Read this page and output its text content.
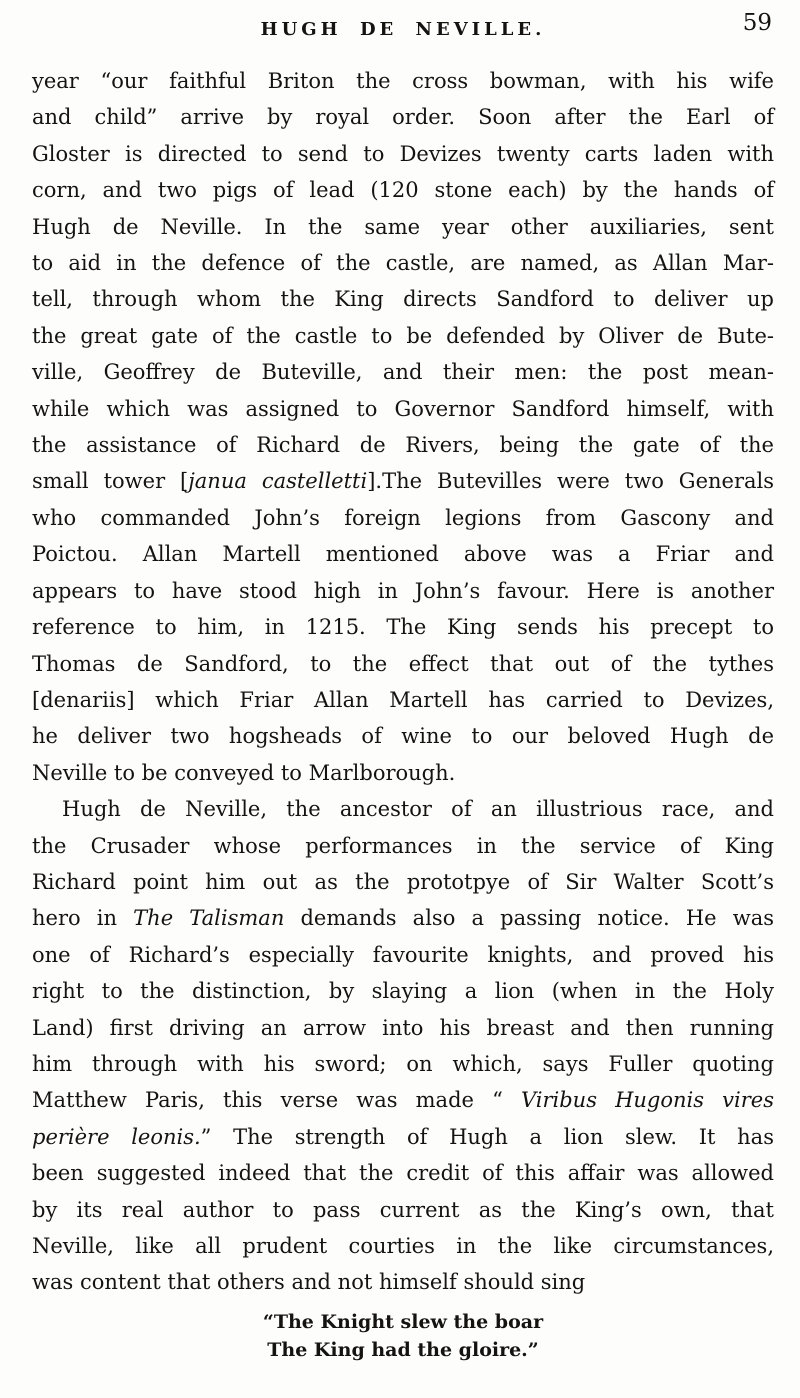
HUGH DE NEVILLE.	59
year “our faithful Briton the cross bowman, with his wife
and child” arrive by royal order. Soon after the Earl of
Gloster is directed to send to Devizes twenty carts laden with
corn, and two pigs of lead (120 stone each) by the hands of
Hugh de Neville. In the same year other auxiliaries, sent
to aid in the defence of the castle, are named, as Allan Mar-
tell, through whom the King directs Sandford to deliver up
the great gate of the castle to be defended by Oliver de Bute-
ville, Geoffrey de Buteville, and their men: the post mean-
while which was assigned to Governor Sandford himself, with
the assistance of Richard de Rivers, being the gate of the
small tower [janua castelletti].The Butevilles were two Generals
who commanded John’s foreign legions from Gascony and
Poictou. Allan Martell mentioned above was a Friar and
appears to have stood high in John’s favour. Here is another
reference to him, in 1215. The King sends his precept to
Thomas de Sandford, to the effect that out of the tythes
[denariis] which Friar Allan Martell has carried to Devizes,
he deliver two hogsheads of wine to our beloved Hugh de
Neville to be conveyed to Marlborough.
Hugh de Neville, the ancestor of an illustrious race, and
the Crusader whose performances in the service of King
Richard point him out as the prototpye of Sir Walter Scott’s
hero in The Talisman demands also a passing notice. He was
one of Richard’s especially favourite knights, and proved his
right to the distinction, by slaying a lion (when in the Holy
Land) first driving an arrow into his breast and then running
him through with his sword; on which, says Fuller quoting
Matthew Paris, this verse was made “ Viribus Hugonis vires
perière leonis.” The strength of Hugh a lion slew. It has
been suggested indeed that the credit of this affair was allowed
by its real author to pass current as the King’s own, that
Neville, like all prudent courties in the like circumstances,
was content that others and not himself should sing
“The Knight slew the boar
The King had the gloire.”
